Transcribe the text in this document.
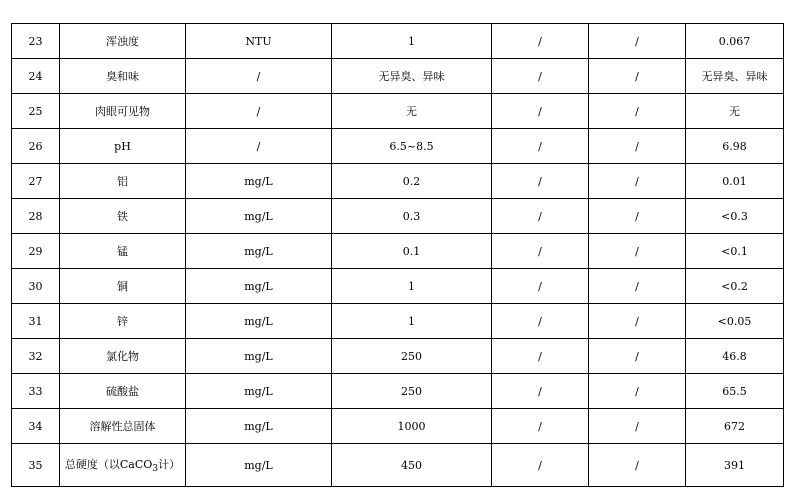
23	浑浊度	NTU	1	/	/	0.067
24	臭和味	/	无异臭、异味	/	/	无异臭、异味
25	肉眼可见物	/	无	/	/	无
26	pH	/	6.5~8.5	/	/	6.98
27	铝	mg/L	0.2	/	/	0.01
28	铁	mg/L	0.3	/	/	<0.3
29	锰	mg/L	0.1	/	/	<0.1
30	铜	mg/L	1	/	/	<0.2
31	锌	mg/L	1	/	/	<0.05
32	氯化物	mg/L	250	/	/	46.8
33	硫酸盐	mg/L	250	/	/	65.5
34	溶解性总固体	mg/L	1000	/	/	672
35	总硬度（以CaCO$_3$计）	mg/L	450	/	/	391
